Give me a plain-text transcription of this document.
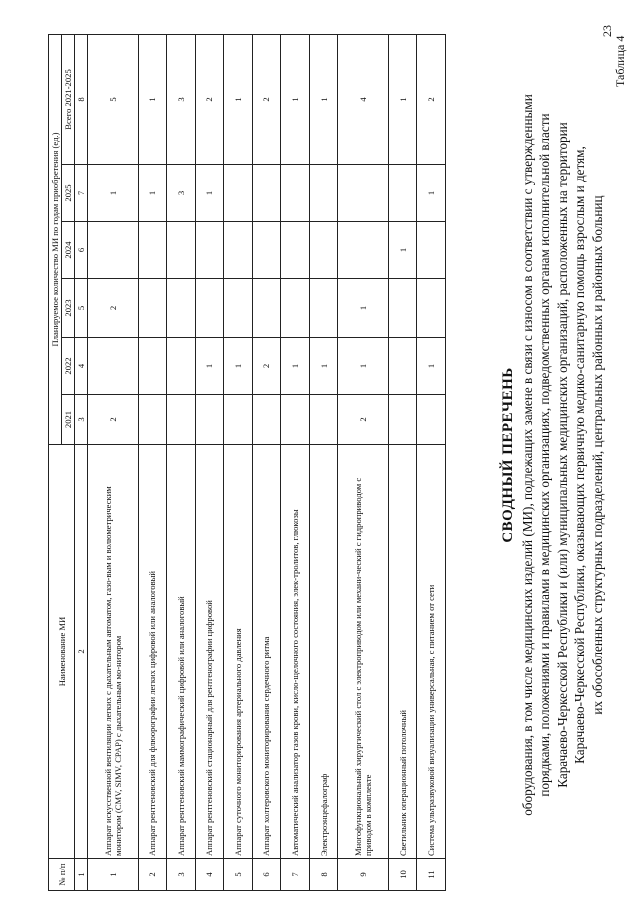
23
Таблица 4
СВОДНЫЙ ПЕРЕЧЕНЬ оборудования, в том числе медицинских изделий (МИ), подлежащих замене в связи с износом в соответствии с утвержденными порядками, положениями и правилами в медицинских организациях, подведомственных органам исполнительной власти Карачаево-Черкесской Республики и (или) муниципальных медицинских организаций, расположенных на территории Карачаево-Черкесской Республики, оказывающих первичную медико-санитарную помощь взрослым и детям, их обособленных структурных подразделений, центральных районных и районных больниц
№ п/п	Наименование МИ	Планируемое количество МИ по годам приобретения (ед.)					
		2021	2022	2023	2024	2025	Всего 2021-2025
1	2	3	4	5	6	7	8
1	Аппарат искусственной вентиляции легких с дыхательным автоматом, газо-вым и волюметрическим монитором (CMV, SIMV, CPAP) с дыхательным мо-нитором	2		2		1	5
2	Аппарат рентгеновский для флюорографии легких цифровой или аналоговый					1	1
3	Аппарат рентгеновский маммографический цифровой или аналоговый					3	3
4	Аппарат рентгеновский стационарный для рентгенографии цифровой		1			1	2
5	Аппарат суточного мониторирования артериального давления		1				1
6	Аппарат холтеровского мониторирования сердечного ритма		2				2
7	Автоматический анализатор газов крови, кисло-щелочного состояния, элек-тролитов, глюкозы		1				1
8	Электроэнцефалограф		1				1
9	Многофункциональный хирургический стол с электроприводом или механи-ческий с гидроприводом с приводом в комплекте	2	1	1			4
10	Светильник операционный потолочный				1		1
11	Система ультразвуковой визуализации универсальная, с питанием от сети		1			1	2
